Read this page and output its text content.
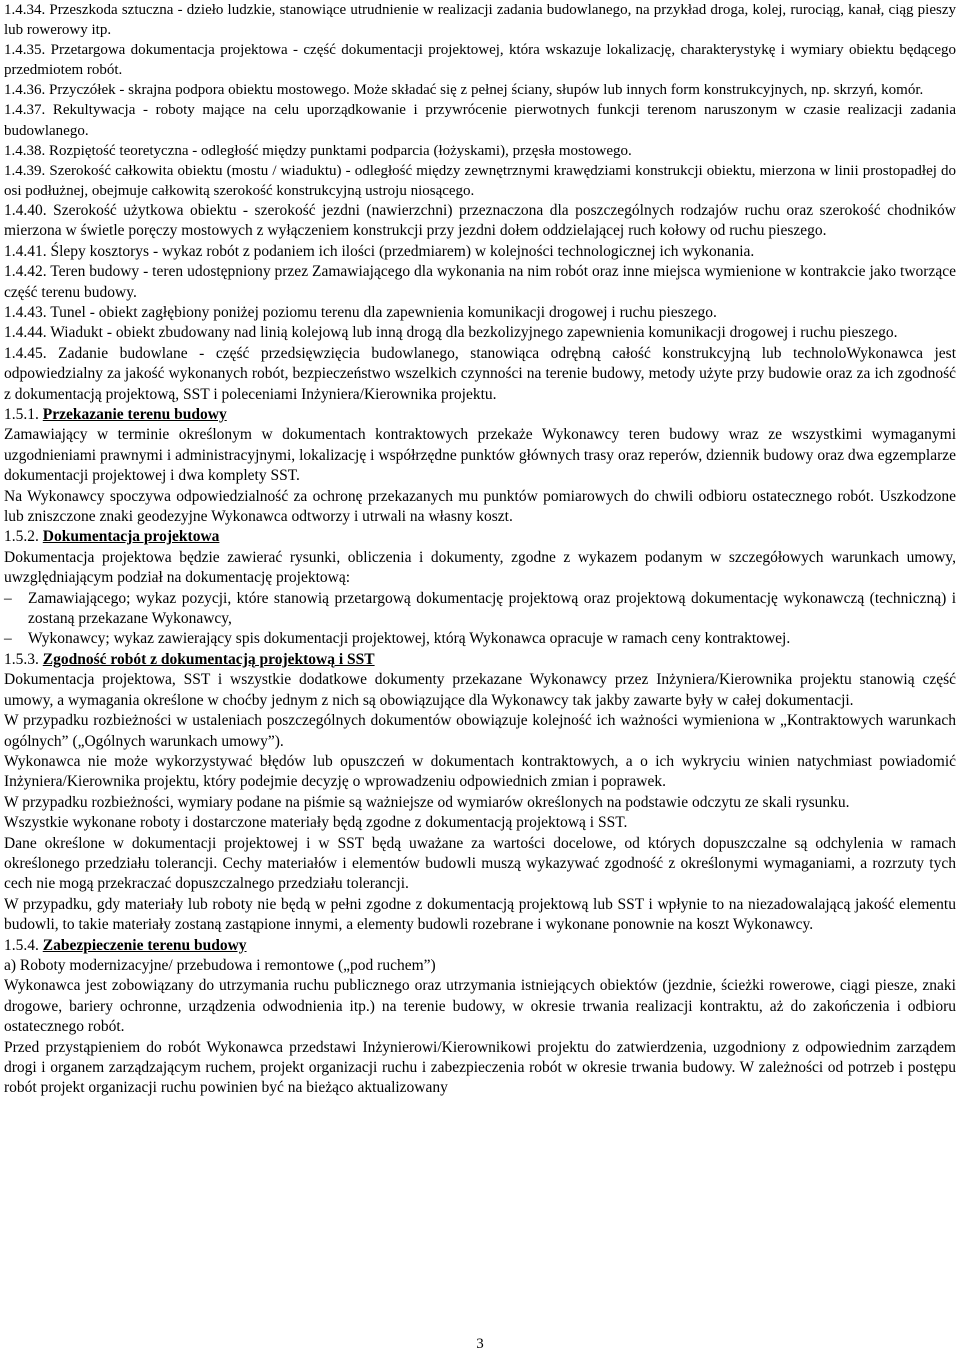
1.4.34. Przeszkoda sztuczna - dzieło ludzkie, stanowiące utrudnienie w realizacji zadania budowlanego, na przykład droga, kolej, rurociąg, kanał, ciąg pieszy lub rowerowy itp.

1.4.35. Przetargowa dokumentacja projektowa - część dokumentacji projektowej, która wskazuje lokalizację, charakterystykę i wymiary obiektu będącego przedmiotem robót.

1.4.36. Przyczółek - skrajna podpora obiektu mostowego. Może składać się z pełnej ściany, słupów lub innych form konstrukcyjnych, np. skrzyń, komór.

1.4.37. Rekultywacja - roboty mające na celu uporządkowanie i przywrócenie pierwotnych funkcji terenom naruszonym w czasie realizacji zadania budowlanego.

1.4.38. Rozpiętość teoretyczna - odległość między punktami podparcia (łożyskami), przęsła mostowego.

1.4.39. Szerokość całkowita obiektu (mostu / wiaduktu) - odległość między zewnętrznymi krawędziami konstrukcji obiektu, mierzona w linii prostopadłej do osi podłużnej, obejmuje całkowitą szerokość konstrukcyjną ustroju niosącego.

1.4.40. Szerokość użytkowa obiektu - szerokość jezdni (nawierzchni) przeznaczona dla poszczególnych rodzajów ruchu oraz szerokość chodników mierzona w świetle poręczy mostowych z wyłączeniem konstrukcji przy jezdni dołem oddzielającej ruch kołowy od ruchu pieszego.

1.4.41. Ślepy kosztorys - wykaz robót z podaniem ich ilości (przedmiarem) w kolejności technologicznej ich wykonania.

1.4.42. Teren budowy - teren udostępniony przez Zamawiającego dla wykonania na nim robót oraz inne miejsca wymienione w kontrakcie jako tworzące część terenu budowy.

1.4.43. Tunel - obiekt zagłębiony poniżej poziomu terenu dla zapewnienia komunikacji drogowej i ruchu pieszego.

1.4.44. Wiadukt - obiekt zbudowany nad linią kolejową lub inną drogą dla bezkolizyjnego zapewnienia komunikacji drogowej i ruchu pieszego.

1.4.45. Zadanie budowlane - część przedsięwzięcia budowlanego, stanowiąca odrębną całość konstrukcyjną lub technoloWykonawca jest odpowiedzialny za jakość wykonanych robót, bezpieczeństwo wszelkich czynności na terenie budowy, metody użyte przy budowie oraz za ich zgodność z dokumentacją projektową, SST i poleceniami Inżyniera/Kierownika projektu.

1.5.1. Przekazanie terenu budowy

Zamawiający w terminie określonym w dokumentach kontraktowych przekaże Wykonawcy teren budowy wraz ze wszystkimi wymaganymi uzgodnieniami prawnymi i administracyjnymi, lokalizację i współrzędne punktów głównych trasy oraz reperów, dziennik budowy oraz dwa egzemplarze dokumentacji projektowej i dwa komplety SST.

Na Wykonawcy spoczywa odpowiedzialność za ochronę przekazanych mu punktów pomiarowych do chwili odbioru ostatecznego robót. Uszkodzone lub zniszczone znaki geodezyjne Wykonawca odtworzy i utrwali na własny koszt.

1.5.2. Dokumentacja projektowa

Dokumentacja projektowa będzie zawierać rysunki, obliczenia i dokumenty, zgodne z wykazem podanym w szczegółowych warunkach umowy, uwzględniającym podział na dokumentację projektową:

–	Zamawiającego; wykaz pozycji, które stanowią przetargową dokumentację projektową oraz projektową dokumentację wykonawczą (techniczną) i zostaną przekazane Wykonawcy,
–	Wykonawcy; wykaz zawierający spis dokumentacji projektowej, którą Wykonawca opracuje w ramach ceny kontraktowej.

1.5.3. Zgodność robót z dokumentacją projektową i SST

Dokumentacja projektowa, SST i wszystkie dodatkowe dokumenty przekazane Wykonawcy przez Inżyniera/Kierownika projektu stanowią część umowy, a wymagania określone w choćby jednym z nich są obowiązujące dla Wykonawcy tak jakby zawarte były w całej dokumentacji.

W przypadku rozbieżności w ustaleniach poszczególnych dokumentów obowiązuje kolejność ich ważności wymieniona w „Kontraktowych warunkach ogólnych” („Ogólnych warunkach umowy”).

Wykonawca nie może wykorzystywać błędów lub opuszczeń w dokumentach kontraktowych, a o ich wykryciu winien natychmiast powiadomić Inżyniera/Kierownika projektu, który podejmie decyzję o wprowadzeniu odpowiednich zmian i poprawek.

W przypadku rozbieżności, wymiary podane na piśmie są ważniejsze od wymiarów określonych na podstawie odczytu ze skali rysunku.

Wszystkie wykonane roboty i dostarczone materiały będą zgodne z dokumentacją projektową i SST.

Dane określone w dokumentacji projektowej i w SST będą uważane za wartości docelowe, od których dopuszczalne są odchylenia w ramach określonego przedziału tolerancji. Cechy materiałów i elementów budowli muszą wykazywać zgodność z określonymi wymaganiami, a rozrzuty tych cech nie mogą przekraczać dopuszczalnego przedziału tolerancji.

W przypadku, gdy materiały lub roboty nie będą w pełni zgodne z dokumentacją projektową lub SST i wpłynie to na niezadowalającą jakość elementu budowli, to takie materiały zostaną zastąpione innymi, a elementy budowli rozebrane i wykonane ponownie na koszt Wykonawcy.

1.5.4. Zabezpieczenie terenu budowy

a) Roboty modernizacyjne/ przebudowa i remontowe („pod ruchem”)

Wykonawca jest zobowiązany do utrzymania ruchu publicznego oraz utrzymania istniejących obiektów (jezdnie, ścieżki rowerowe, ciągi piesze, znaki drogowe, bariery ochronne, urządzenia odwodnienia itp.) na terenie budowy, w okresie trwania realizacji kontraktu, aż do zakończenia i odbioru ostatecznego robót.

Przed przystąpieniem do robót Wykonawca przedstawi Inżynierowi/Kierownikowi projektu do zatwierdzenia, uzgodniony z odpowiednim zarządem drogi i organem zarządzającym ruchem, projekt organizacji ruchu i zabezpieczenia robót w okresie trwania budowy. W zależności od potrzeb i postępu robót projekt organizacji ruchu powinien być na bieżąco aktualizowany

3
